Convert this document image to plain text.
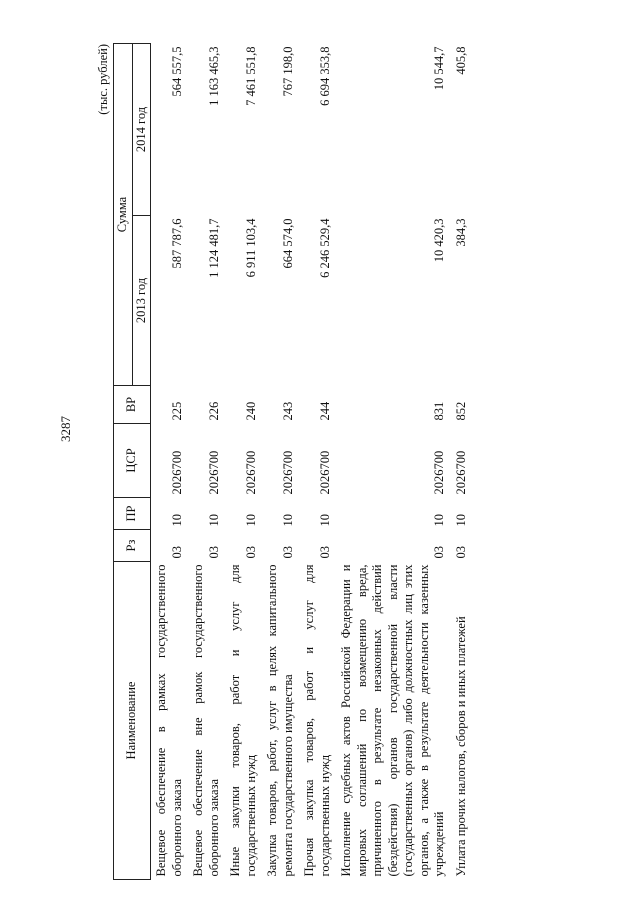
3287
(тыс. рублей)
Наименование	Рз	ПР	ЦСР	ВР	Сумма	
					2013 год	2014 год
Вещевое обеспечение в рамках государственного оборонного заказа	03	10	2026700	225	587 787,6	564 557,5
Вещевое обеспечение вне рамок государственного оборонного заказа	03	10	2026700	226	1 124 481,7	1 163 465,3
Иные закупки товаров, работ и услуг для государственных нужд	03	10	2026700	240	6 911 103,4	7 461 551,8
Закупка товаров, работ, услуг в целях капитального ремонта государственного имущества	03	10	2026700	243	664 574,0	767 198,0
Прочая закупка товаров, работ и услуг для государственных нужд	03	10	2026700	244	6 246 529,4	6 694 353,8
Исполнение судебных актов Российской Федерации и мировых соглашений по возмещению вреда, причиненного в результате незаконных действий (бездействия) органов государственной власти (государственных органов) либо должностных лиц этих органов, а также в результате деятельности казенных учреждений	03	10	2026700	831	10 420,3	10 544,7
Уплата прочих налогов, сборов и иных платежей	03	10	2026700	852	384,3	405,8
